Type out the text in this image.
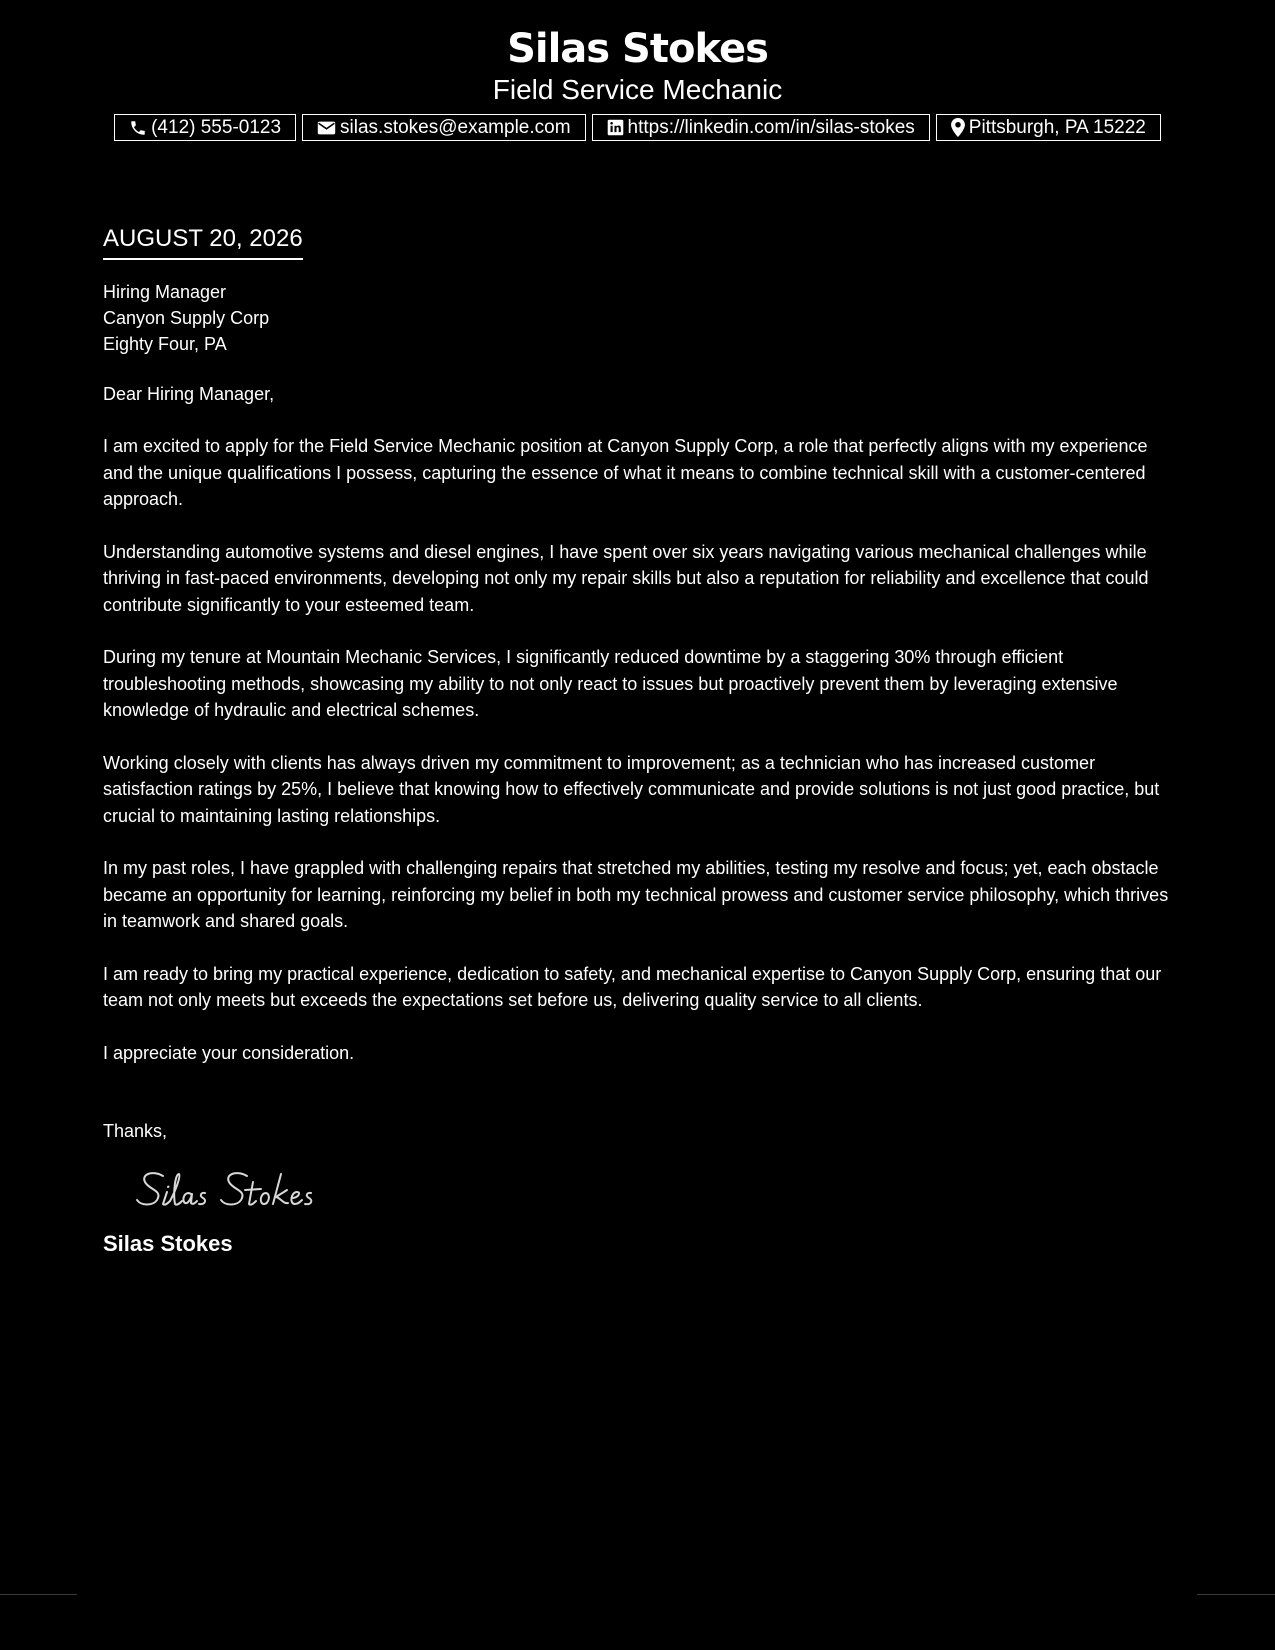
Silas Stokes
Field Service Mechanic
(412) 555-0123	silas.stokes@example.com	https://linkedin.com/in/silas-stokes	Pittsburgh, PA 15222
AUGUST 20, 2026
Hiring Manager
Canyon Supply Corp
Eighty Four, PA
Dear Hiring Manager,
I am excited to apply for the Field Service Mechanic position at Canyon Supply Corp, a role that perfectly aligns with my experience and the unique qualifications I possess, capturing the essence of what it means to combine technical skill with a customer-centered approach.
Understanding automotive systems and diesel engines, I have spent over six years navigating various mechanical challenges while thriving in fast-paced environments, developing not only my repair skills but also a reputation for reliability and excellence that could contribute significantly to your esteemed team.
During my tenure at Mountain Mechanic Services, I significantly reduced downtime by a staggering 30% through efficient troubleshooting methods, showcasing my ability to not only react to issues but proactively prevent them by leveraging extensive knowledge of hydraulic and electrical schemes.
Working closely with clients has always driven my commitment to improvement; as a technician who has increased customer satisfaction ratings by 25%, I believe that knowing how to effectively communicate and provide solutions is not just good practice, but crucial to maintaining lasting relationships.
In my past roles, I have grappled with challenging repairs that stretched my abilities, testing my resolve and focus; yet, each obstacle became an opportunity for learning, reinforcing my belief in both my technical prowess and customer service philosophy, which thrives in teamwork and shared goals.
I am ready to bring my practical experience, dedication to safety, and mechanical expertise to Canyon Supply Corp, ensuring that our team not only meets but exceeds the expectations set before us, delivering quality service to all clients.
I appreciate your consideration.
Thanks,
Silas Stokes
